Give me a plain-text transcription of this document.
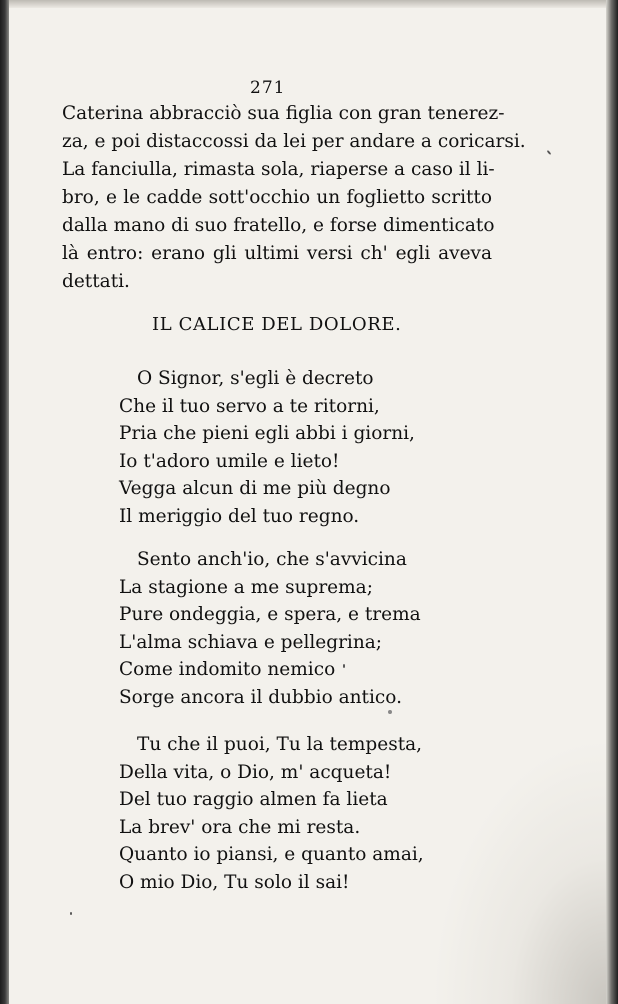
271
Caterina abbracciò sua figlia con gran tenerez-
za, e poi distaccossi da lei per andare a coricarsi.
La fanciulla, rimasta sola, riaperse a caso il li-
bro, e le cadde sott'occhio un foglietto scritto
dalla mano di suo fratello, e forse dimenticato
là entro: erano gli ultimi versi ch' egli aveva
dettati.
IL CALICE DEL DOLORE.
O Signor, s'egli è decreto
Che il tuo servo a te ritorni,
Pria che pieni egli abbi i giorni,
Io t'adoro umile e lieto!
Vegga alcun di me più degno
Il meriggio del tuo regno.
Sento anch'io, che s'avvicina
La stagione a me suprema;
Pure ondeggia, e spera, e trema
L'alma schiava e pellegrina;
Come indomito nemico
Sorge ancora il dubbio antico.
Tu che il puoi, Tu la tempesta,
Della vita, o Dio, m' acqueta!
Del tuo raggio almen fa lieta
La brev' ora che mi resta.
Quanto io piansi, e quanto amai,
O mio Dio, Tu solo il sai!
